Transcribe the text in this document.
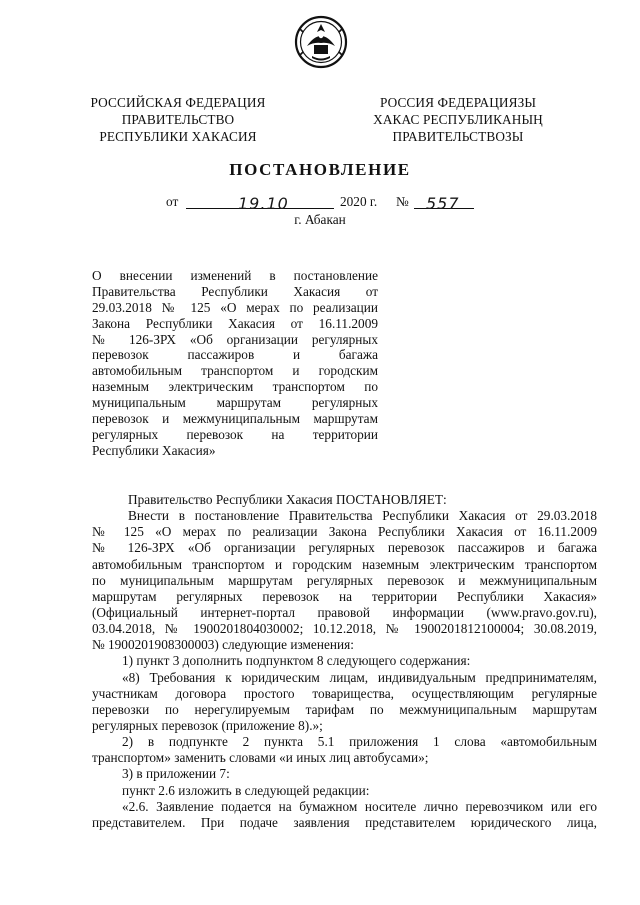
РОССИЙСКАЯ ФЕДЕРАЦИЯ
ПРАВИТЕЛЬСТВО
РЕСПУБЛИКИ ХАКАСИЯ
РОССИЯ ФЕДЕРАЦИЯЗЫ
ХАКАС РЕСПУБЛИКАНЫҢ
ПРАВИТЕЛЬСТВОЗЫ
ПОСТАНОВЛЕНИЕ
от	19.10	2020 г. № 557
г. Абакан
О внесении изменений в постановление
Правительства Республики Хакасия от
29.03.2018 № 125 «О мерах по реализации
Закона Республики Хакасия от 16.11.2009
№ 126-ЗРХ «Об организации регулярных
перевозок пассажиров и багажа
автомобильным транспортом и городским
наземным электрическим транспортом по
муниципальным маршрутам регулярных
перевозок и межмуниципальным маршрутам
регулярных перевозок на территории
Республики Хакасия»
Правительство Республики Хакасия ПОСТАНОВЛЯЕТ:
Внести в постановление Правительства Республики Хакасия от 29.03.2018
№ 125 «О мерах по реализации Закона Республики Хакасия от 16.11.2009
№ 126-ЗРХ «Об организации регулярных перевозок пассажиров и багажа
автомобильным транспортом и городским наземным электрическим транспортом
по муниципальным маршрутам регулярных перевозок и межмуниципальным
маршрутам регулярных перевозок на территории Республики Хакасия»
(Официальный интернет-портал правовой информации (www.pravo.gov.ru),
03.04.2018, № 1900201804030002; 10.12.2018, № 1900201812100004; 30.08.2019,
№ 1900201908300003) следующие изменения:
1) пункт 3 дополнить подпунктом 8 следующего содержания:
«8) Требования к юридическим лицам, индивидуальным предпринимателям,
участникам договора простого товарищества, осуществляющим регулярные
перевозки по нерегулируемым тарифам по межмуниципальным маршрутам
регулярных перевозок (приложение 8).»;
2) в подпункте 2 пункта 5.1 приложения 1 слова «автомобильным
транспортом» заменить словами «и иных лиц автобусами»;
3) в приложении 7:
пункт 2.6 изложить в следующей редакции:
«2.6. Заявление подается на бумажном носителе лично перевозчиком или его
представителем. При подаче заявления представителем юридического лица,
